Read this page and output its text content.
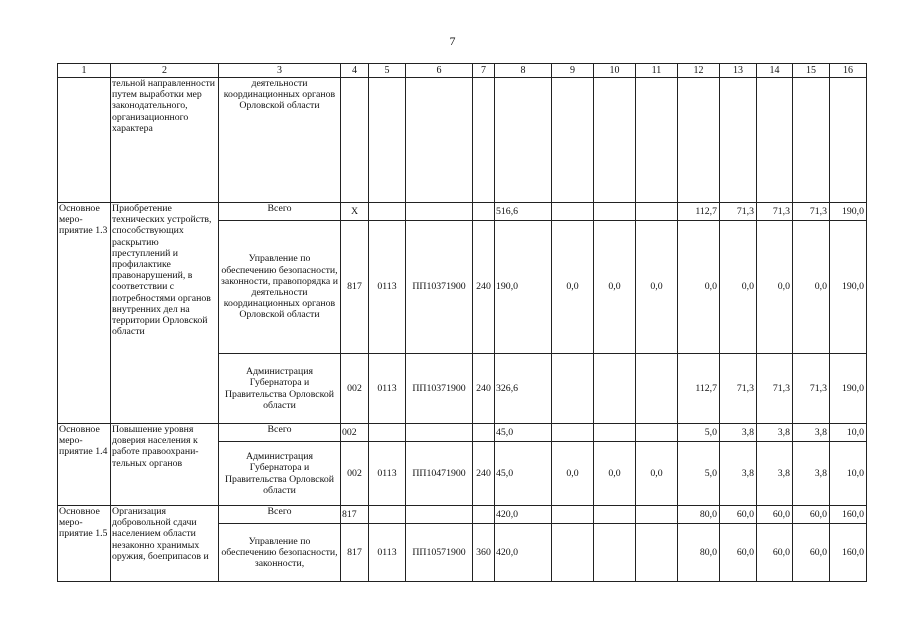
7
1	2	3	4	5	6	7	8	9	10	11	12	13	14	15	16
	тельной направленности путем выработки мер законодательного, организационного характера	деятельности координационных органов Орловской области													
Основное меро-приятие 1.3	Приобретение технических устройств, способствующих раскрытию преступлений и профилактике правонарушений, в соответствии с потребностями органов внутренних дел на территории Орловской области	Всего	Х				516,6				112,7	71,3	71,3	71,3	190,0
		Управление по обеспечению безопасности, законности, правопорядка и деятельности координационных органов Орловской области	817	0113	ПП10371900	240	190,0	0,0	0,0	0,0	0,0	0,0	0,0	0,0	190,0
		Администрация Губернатора и Правительства Орловской области	002	0113	ПП10371900	240	326,6				112,7	71,3	71,3	71,3	190,0
Основное меро-приятие 1.4	Повышение уровня доверия населения к работе правоохрани-тельных органов	Всего	002				45,0				5,0	3,8	3,8	3,8	10,0
		Администрация Губернатора и Правительства Орловской области	002	0113	ПП10471900	240	45,0	0,0	0,0	0,0	5,0	3,8	3,8	3,8	10,0
Основное меро-приятие 1.5	Организация добровольной сдачи населением области незаконно хранимых оружия, боеприпасов и	Всего	817				420,0				80,0	60,0	60,0	60,0	160,0
		Управление по обеспечению безопасности, законности,	817	0113	ПП10571900	360	420,0				80,0	60,0	60,0	60,0	160,0
